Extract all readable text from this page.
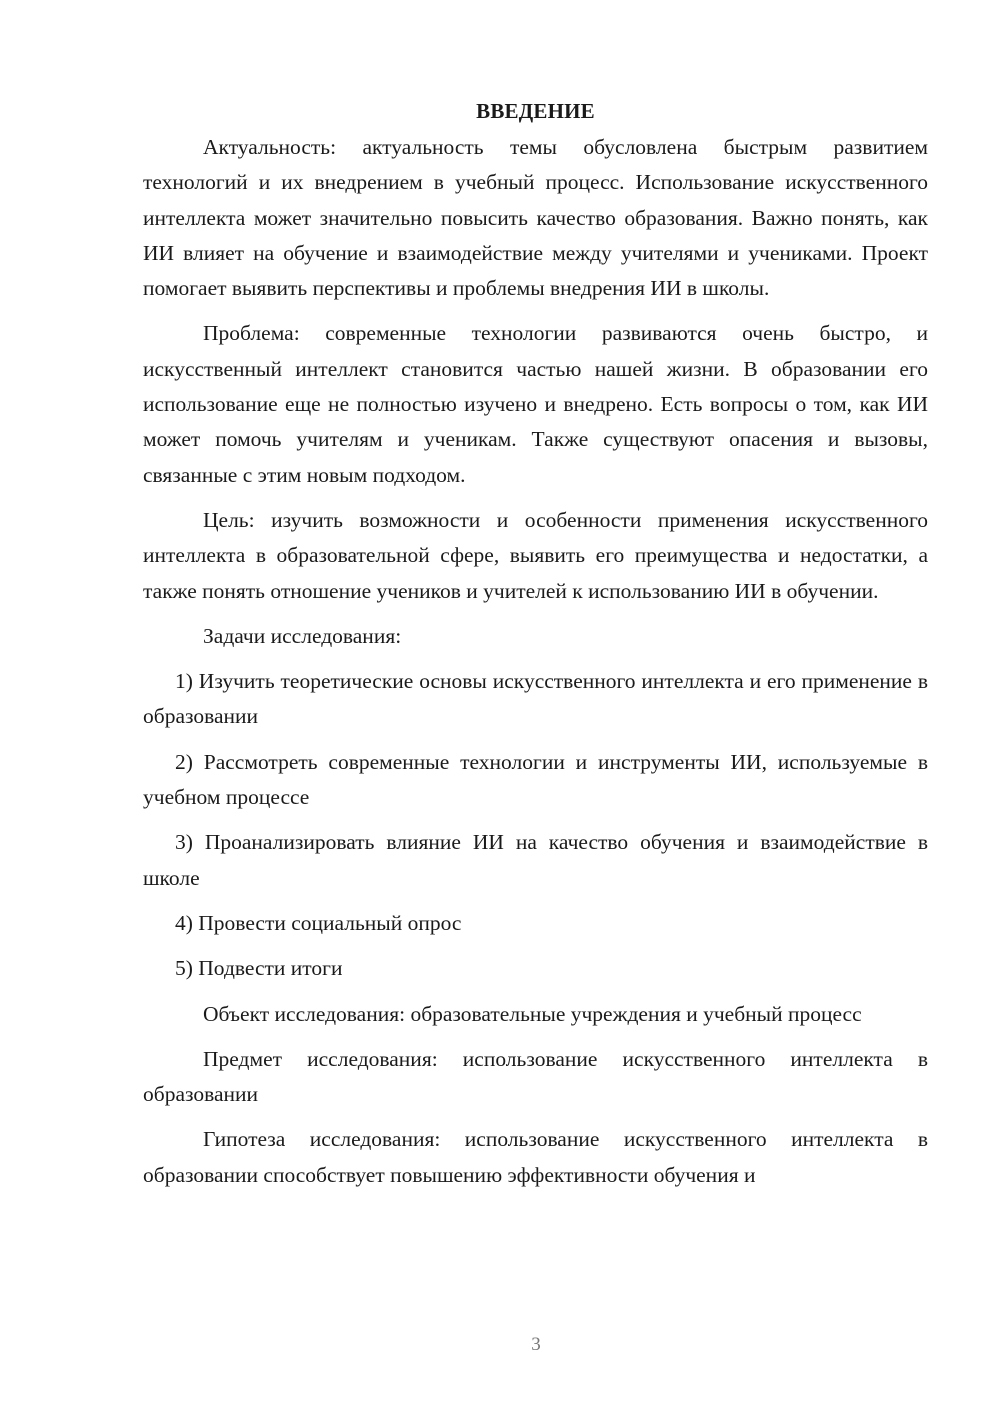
ВВЕДЕНИЕ

Актуальность: актуальность темы обусловлена быстрым развитием технологий и их внедрением в учебный процесс. Использование искусственного интеллекта может значительно повысить качество образования. Важно понять, как ИИ влияет на обучение и взаимодействие между учителями и учениками. Проект помогает выявить перспективы и проблемы внедрения ИИ в школы.

Проблема: современные технологии развиваются очень быстро, и искусственный интеллект становится частью нашей жизни. В образовании его использование еще не полностью изучено и внедрено. Есть вопросы о том, как ИИ может помочь учителям и ученикам. Также существуют опасения и вызовы, связанные с этим новым подходом.

Цель: изучить возможности и особенности применения искусственного интеллекта в образовательной сфере, выявить его преимущества и недостатки, а также понять отношение учеников и учителей к использованию ИИ в обучении.

Задачи исследования:

1) Изучить теоретические основы искусственного интеллекта и его применение в образовании

2) Рассмотреть современные технологии и инструменты ИИ, используемые в учебном процессе

3) Проанализировать влияние ИИ на качество обучения и взаимодействие в школе

4) Провести социальный опрос

5) Подвести итоги

Объект исследования: образовательные учреждения и учебный процесс

Предмет исследования: использование искусственного интеллекта в образовании

Гипотеза исследования: использование искусственного интеллекта в образовании способствует повышению эффективности обучения и

3
